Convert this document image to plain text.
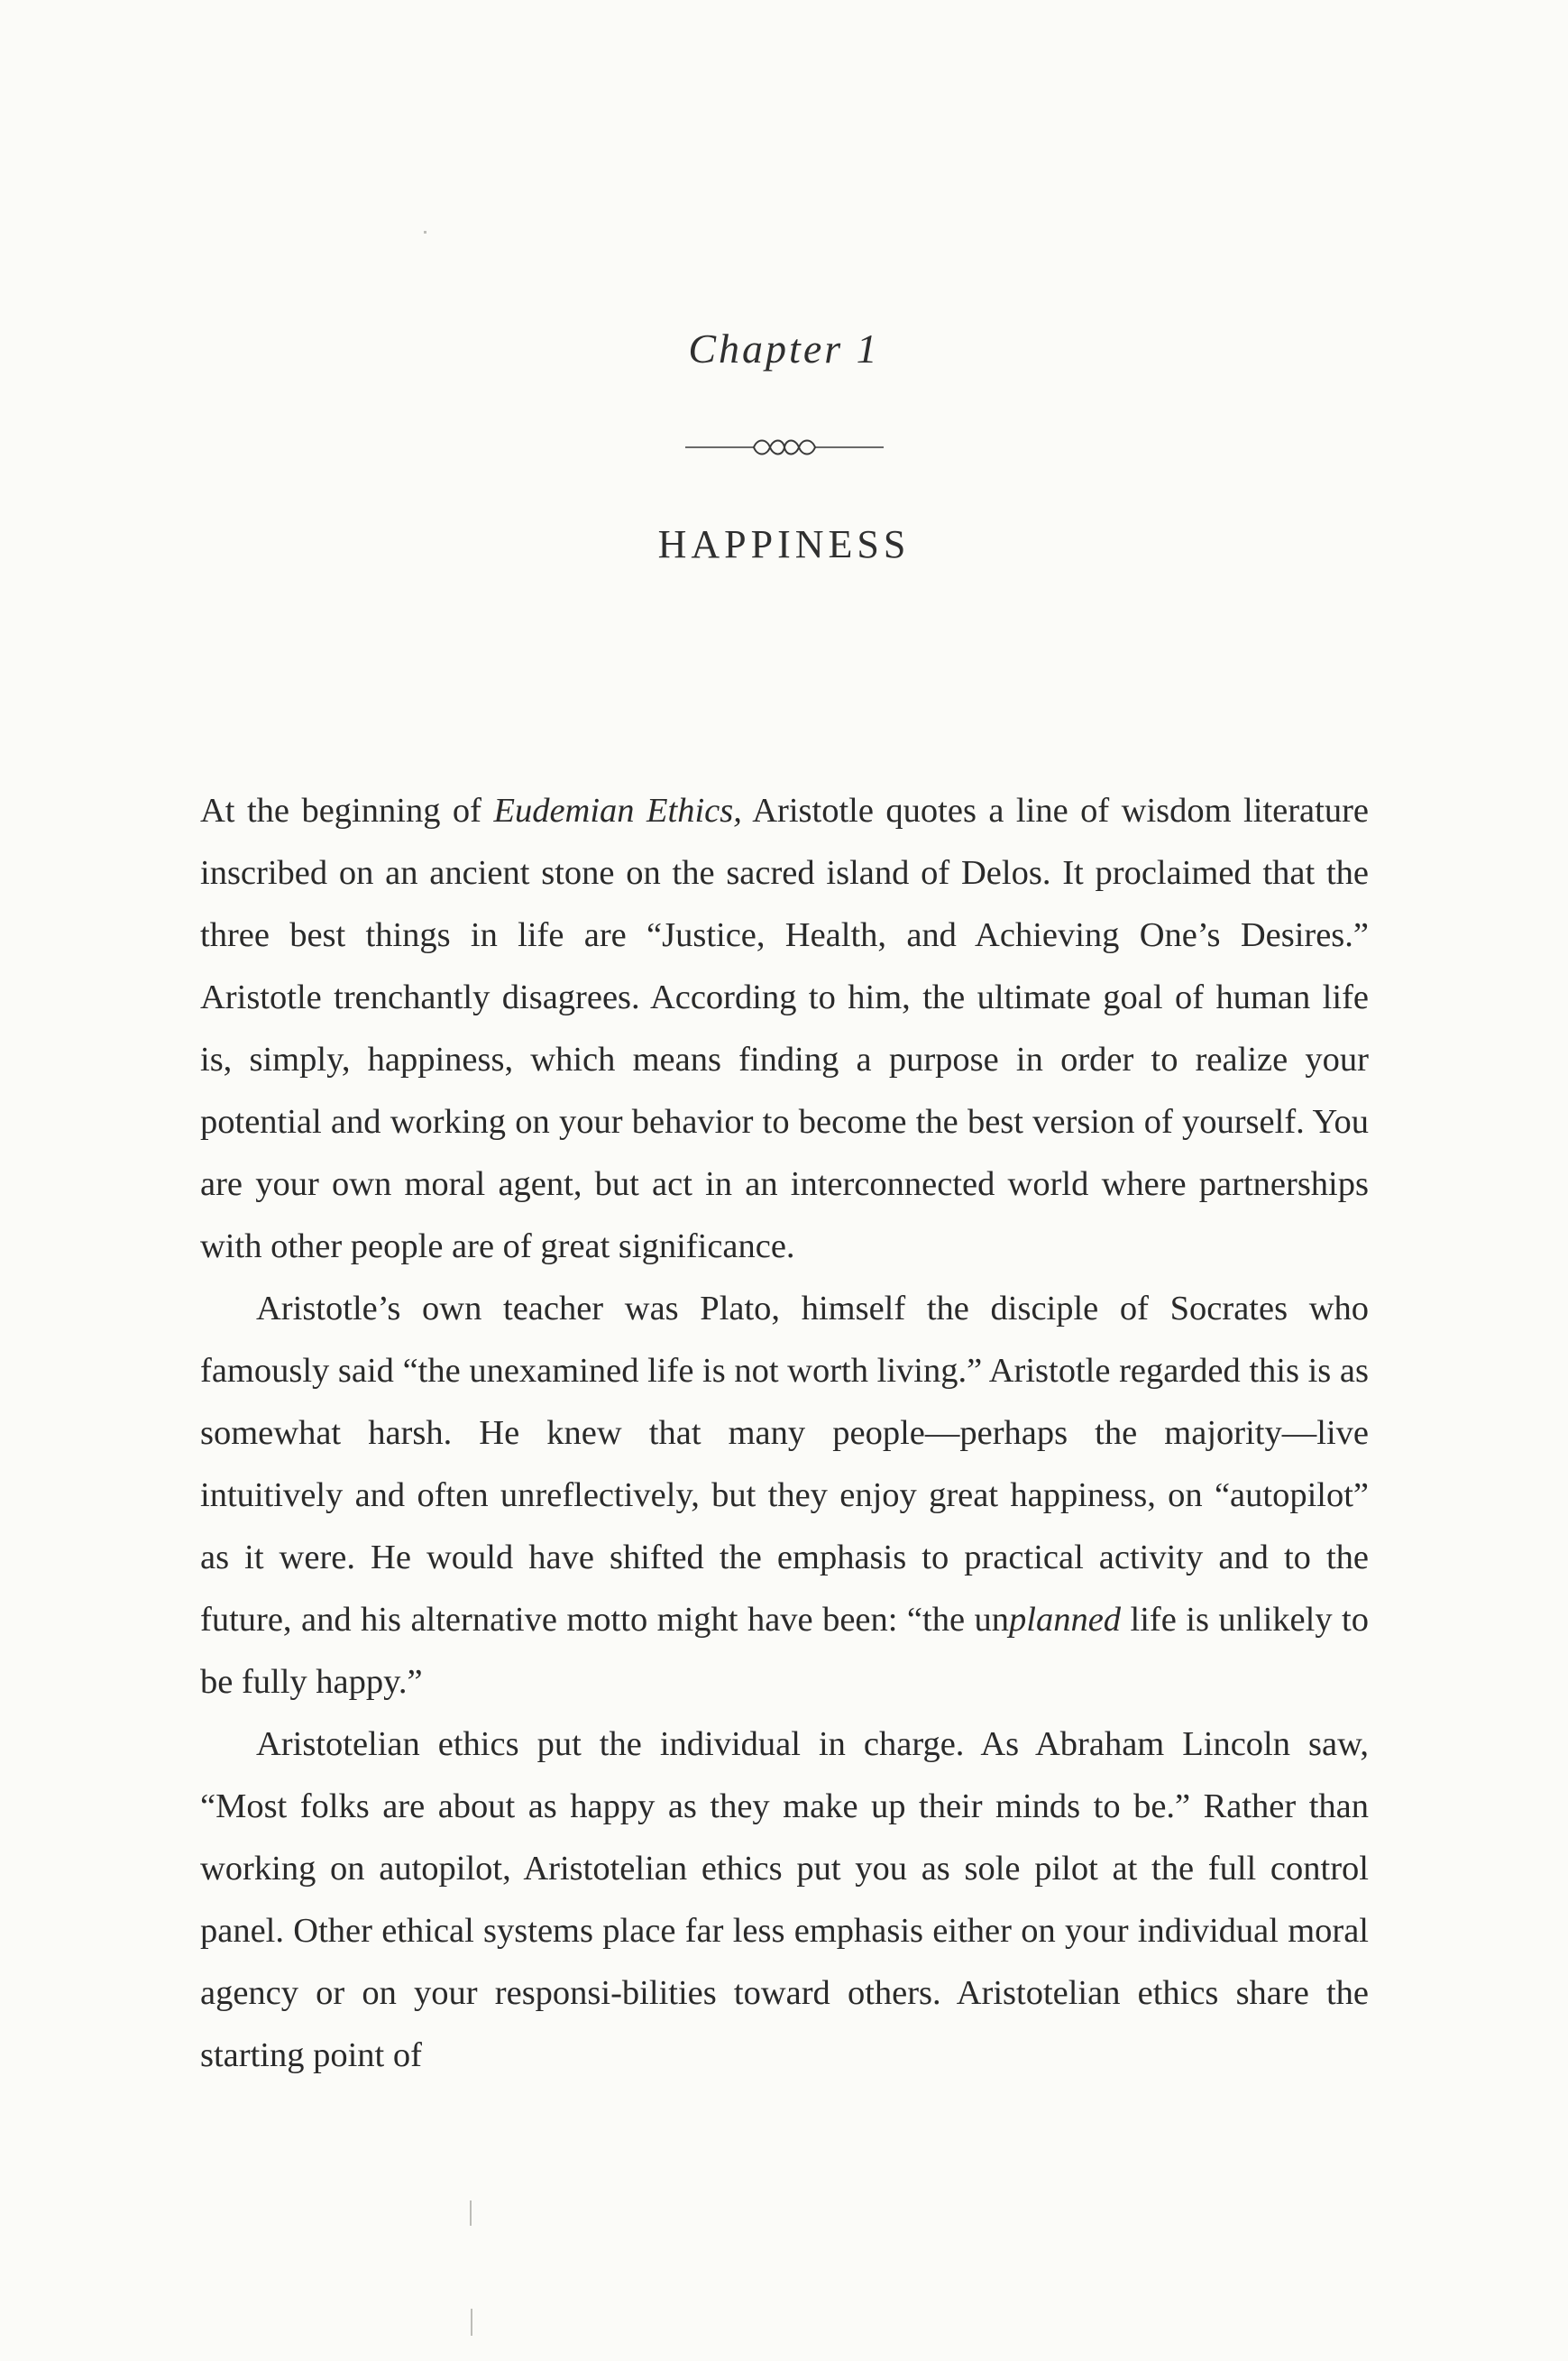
Chapter 1
HAPPINESS

At the beginning of Eudemian Ethics, Aristotle quotes a line of wisdom literature inscribed on an ancient stone on the sacred island of Delos. It proclaimed that the three best things in life are “Justice, Health, and Achieving One’s Desires.” Aristotle trenchantly disagrees. According to him, the ultimate goal of human life is, simply, happiness, which means finding a purpose in order to realize your potential and working on your behavior to become the best version of yourself. You are your own moral agent, but act in an interconnected world where partnerships with other people are of great significance.

Aristotle’s own teacher was Plato, himself the disciple of Socrates who famously said “the unexamined life is not worth living.” Aristotle regarded this is as somewhat harsh. He knew that many people—perhaps the majority—live intuitively and often unreflectively, but they enjoy great happiness, on “autopilot” as it were. He would have shifted the emphasis to practical activity and to the future, and his alternative motto might have been: “the unplanned life is unlikely to be fully happy.”

Aristotelian ethics put the individual in charge. As Abraham Lincoln saw, “Most folks are about as happy as they make up their minds to be.” Rather than working on autopilot, Aristotelian ethics put you as sole pilot at the full control panel. Other ethical systems place far less emphasis either on your individual moral agency or on your responsi-bilities toward others. Aristotelian ethics share the starting point of
